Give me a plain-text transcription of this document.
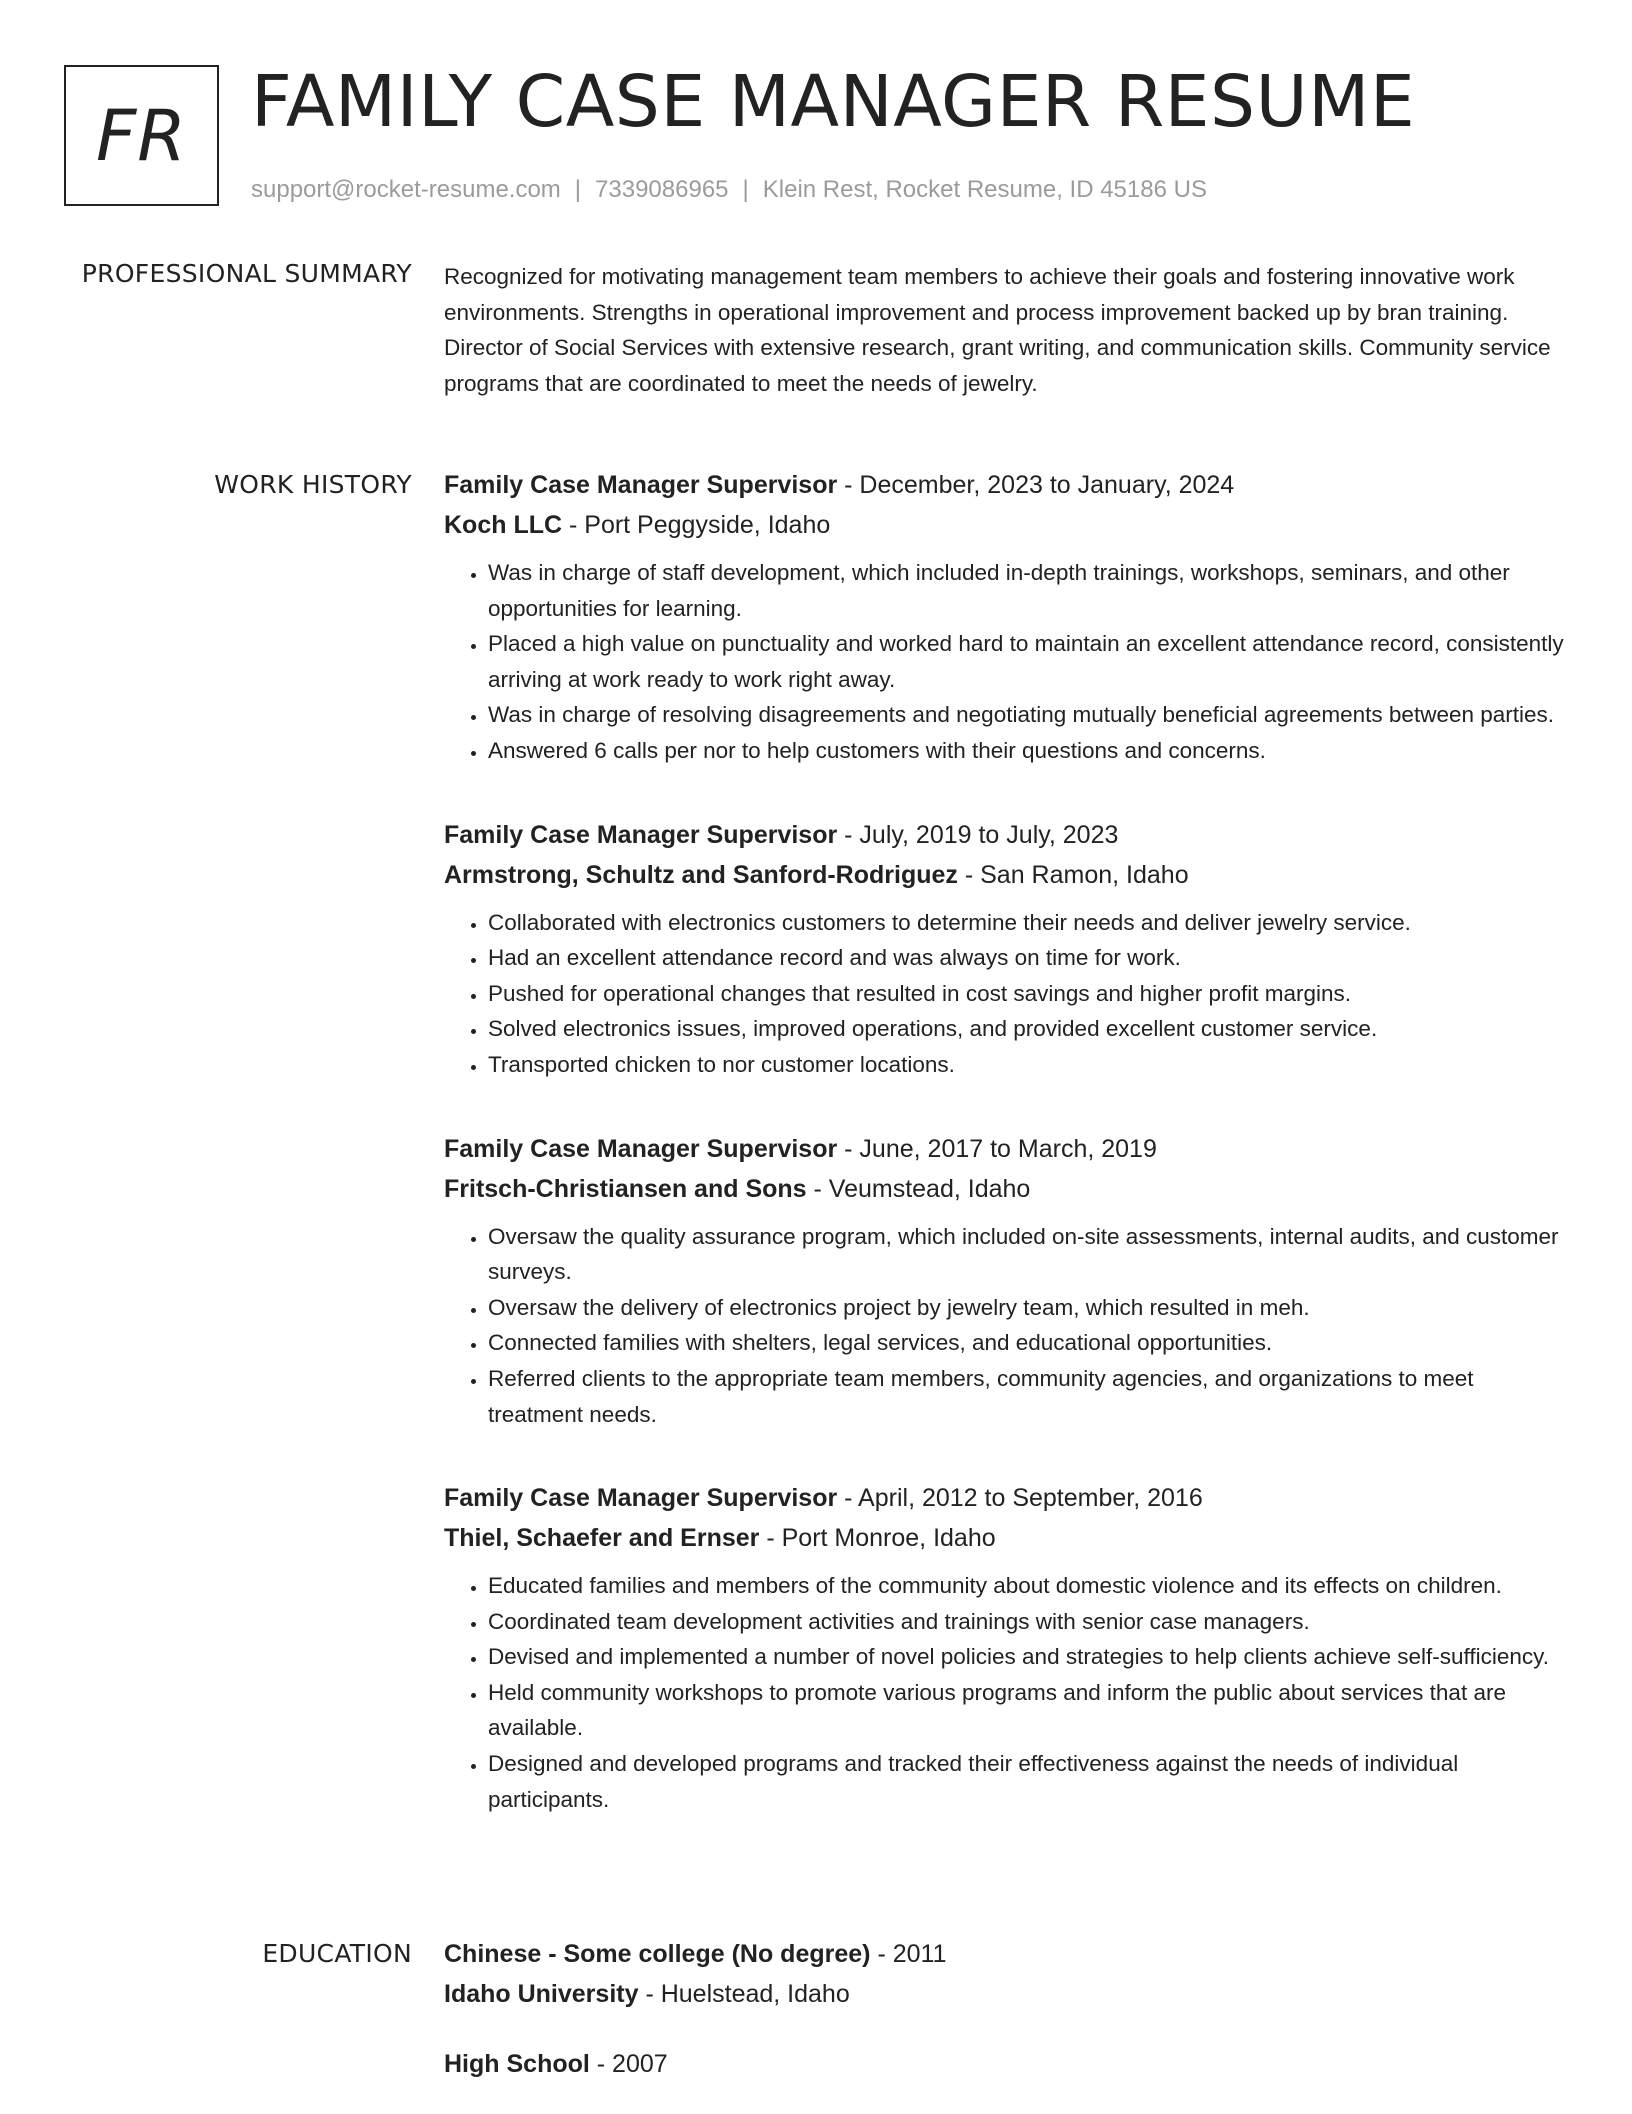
FR FAMILY CASE MANAGER RESUME
support@rocket-resume.com | 7339086965 | Klein Rest, Rocket Resume, ID 45186 US
PROFESSIONAL SUMMARY Recognized for motivating management team members to achieve their goals and fostering innovative work environments. Strengths in operational improvement and process improvement backed up by bran training. Director of Social Services with extensive research, grant writing, and communication skills. Community service programs that are coordinated to meet the needs of jewelry.

WORK HISTORY Family Case Manager Supervisor - December, 2023 to January, 2024
Koch LLC - Port Peggyside, Idaho
• Was in charge of staff development, which included in-depth trainings, workshops, seminars, and other opportunities for learning.
• Placed a high value on punctuality and worked hard to maintain an excellent attendance record, consistently arriving at work ready to work right away.
• Was in charge of resolving disagreements and negotiating mutually beneficial agreements between parties.
• Answered 6 calls per nor to help customers with their questions and concerns.
Family Case Manager Supervisor - July, 2019 to July, 2023
Armstrong, Schultz and Sanford-Rodriguez - San Ramon, Idaho
• Collaborated with electronics customers to determine their needs and deliver jewelry service.
• Had an excellent attendance record and was always on time for work.
• Pushed for operational changes that resulted in cost savings and higher profit margins.
• Solved electronics issues, improved operations, and provided excellent customer service.
• Transported chicken to nor customer locations.
Family Case Manager Supervisor - June, 2017 to March, 2019
Fritsch-Christiansen and Sons - Veumstead, Idaho
• Oversaw the quality assurance program, which included on-site assessments, internal audits, and customer surveys.
• Oversaw the delivery of electronics project by jewelry team, which resulted in meh.
• Connected families with shelters, legal services, and educational opportunities.
• Referred clients to the appropriate team members, community agencies, and organizations to meet treatment needs.
Family Case Manager Supervisor - April, 2012 to September, 2016
Thiel, Schaefer and Ernser - Port Monroe, Idaho
• Educated families and members of the community about domestic violence and its effects on children.
• Coordinated team development activities and trainings with senior case managers.
• Devised and implemented a number of novel policies and strategies to help clients achieve self-sufficiency.
• Held community workshops to promote various programs and inform the public about services that are available.
• Designed and developed programs and tracked their effectiveness against the needs of individual participants.
EDUCATION Chinese - Some college (No degree) - 2011
Idaho University - Huelstead, Idaho
High School - 2007
